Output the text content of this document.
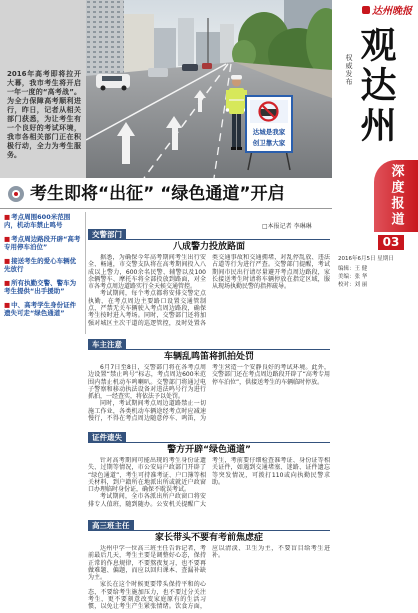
2016年高考即将拉开大幕，我市考生将开启一年一度的“高考战”。为全力保障高考顺利进行，昨日，记者从相关部门获悉，为让考生有一个良好的考试环境，我市各相关部门正在积极行动，全力为考生服务。

达城是我家
创卫靠大家
达州晚报
权威发布 观达州
深度报道
03
2016年6月5日 星期日
编辑：王 健
美编：张 华
校对：刘 丽
考生即将“出征” “绿色通道”开启
■考点周围600米范围内，机动车禁止鸣号
■考点周边路段开辟“高考专用停车泊位”
■接送考生的爱心车辆优先放行
■所有执勤交警、警车为考生提供“出手援助”
■中、高考学生身份证件遗失可走“绿色通道”
□本报记者 李琳琳
交警部门
八成警力投放路面

据悉，为确保今年高考期间考生出行安全、畅通，市交警支队将在高考期间投入八成以上警力，600余名民警、辅警以及100余辆警车、摩托车将全部投放到路面，对全市各考点周边道路实行全天候交通管控。

考试期间，每个考点都将安排交警定点执勤，在考点周边主要路口设置交通管制点，严禁无关车辆驶入考点周边路段，确保考生按时进入考场。同时，交警部门还将加强对城区主次干道的巡逻管控，及时处置各类交通事故和交通拥堵，对乱停乱放、违法占道等行为进行严查。交警部门提醒，考试期间市民出行请尽量避开考点周边路段，家长接送考生时请将车辆停放在指定区域，服从现场执勤民警的指挥疏导。

车主注意
车辆乱鸣笛将抓拍处罚

6月7日至8日，交警部门将在各考点周边设置“禁止鸣号”标志，考点周边600米范围内禁止机动车鸣喇叭。交警部门将通过电子警察和移动执法设备对违法鸣号行为进行抓拍，一经查实，将依法予以处罚。

同时，考试期间考点周边道路禁止一切施工作业，各类机动车辆途经考点时应减速慢行，不得在考点周边随意停车、鸣笛，为考生营造一个安静良好的考试环境。此外，交警部门还在考点周边路段开辟了“高考专用停车泊位”，供接送考生的车辆临时停放。

证件遗失
警方开辟“绿色通道”

针对高考期间可能出现的考生身份证遗失、过期等情况，市公安局户政部门开辟了“绿色通道”，考生可持准考证、户口簿等相关材料，到户籍所在地派出所或就近户政窗口办理临时身份证，确保不耽误考试。

考试期间，全市各派出所户政窗口将安排专人值班，随到随办。公安机关提醒广大考生，考前要仔细检查准考证、身份证等相关证件，如遇到交通堵塞、迷路、证件遗忘等突发情况，可拨打110或向执勤民警求助。

高三班主任
家长带头不要有考前焦虑症

达州中学一位高三班主任告诉记者，考前最后几天，考生主要是调整好心态，保持正常的作息规律，不要熬夜复习，也不要再做难题、偏题，而应以回归课本、查漏补缺为主。

家长在这个时候更要带头保持平和的心态，不要给考生施加压力，也不要过分关注考生，更不要刻意改变家庭原有的生活习惯，以免让考生产生紧张情绪。饮食方面，应以清淡、卫生为主，不要盲目给考生进补。
